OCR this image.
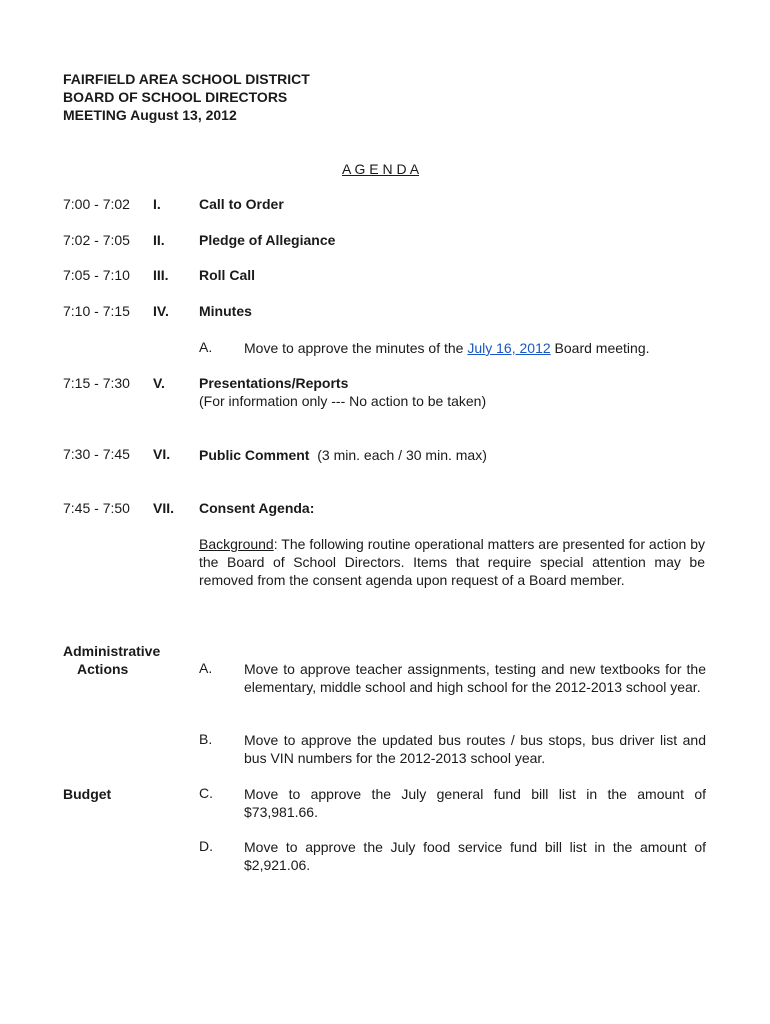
FAIRFIELD AREA SCHOOL DISTRICT
BOARD OF SCHOOL DIRECTORS
MEETING August 13, 2012
A G E N D A
7:00 - 7:02 I.	Call to Order
7:02 - 7:05 II. Pledge of Allegiance
7:05 - 7:10 III. Roll Call
7:10 - 7:15 IV. Minutes
A. Move to approve the minutes of the July 16, 2012 Board meeting.
7:15 - 7:30 V. Presentations/Reports
(For information only --- No action to be taken)
7:30 - 7:45 VI. Public Comment (3 min. each / 30 min. max)
7:45 - 7:50 VII. Consent Agenda:
Background: The following routine operational matters are presented for action by the Board of School Directors. Items that require special attention may be removed from the consent agenda upon request of a Board member.
Administrative
Actions
Budget
A. Move to approve teacher assignments, testing and new textbooks for the elementary, middle school and high school for the 2012-2013 school year.
B. Move to approve the updated bus routes / bus stops, bus driver list and bus VIN numbers for the 2012-2013 school year.
C. Move to approve the July general fund bill list in the amount of $73,981.66.
D. Move to approve the July food service fund bill list in the amount of $2,921.06.
